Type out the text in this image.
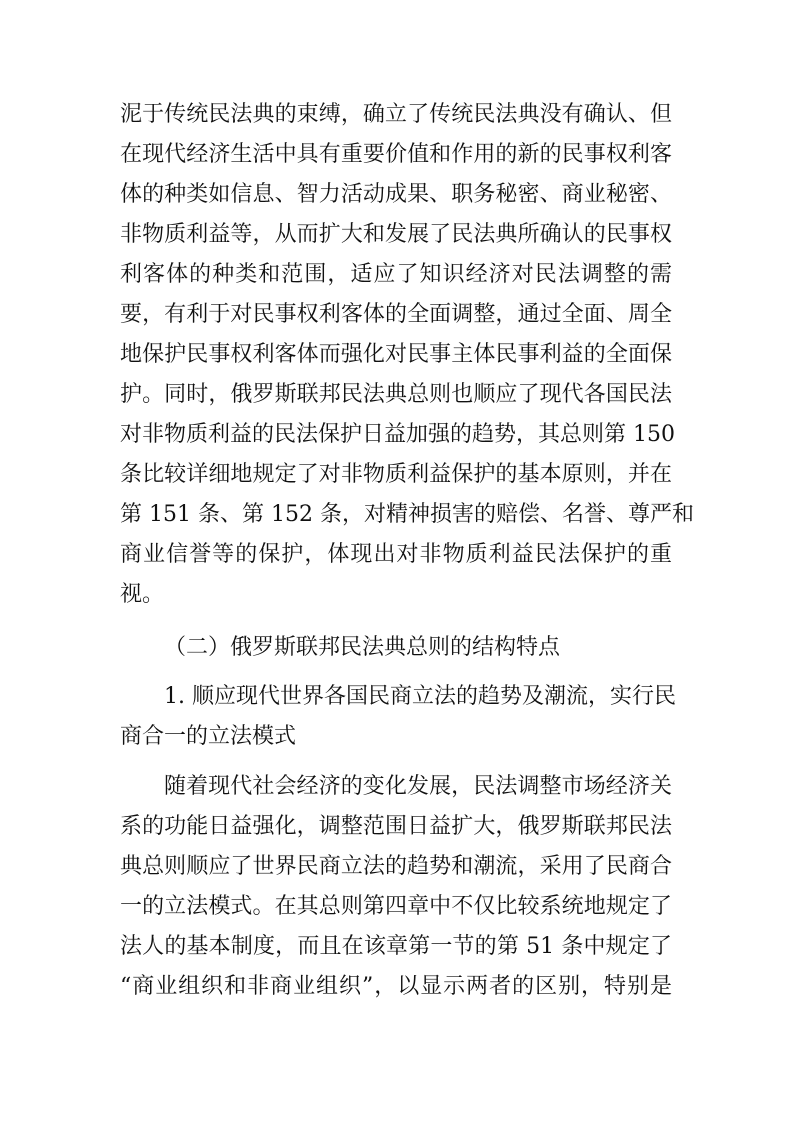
泥于传统民法典的束缚，确立了传统民法典没有确认、但
在现代经济生活中具有重要价值和作用的新的民事权利客
体的种类如信息、智力活动成果、职务秘密、商业秘密、
非物质利益等，从而扩大和发展了民法典所确认的民事权
利客体的种类和范围，适应了知识经济对民法调整的需
要，有利于对民事权利客体的全面调整，通过全面、周全
地保护民事权利客体而强化对民事主体民事利益的全面保
护。同时，俄罗斯联邦民法典总则也顺应了现代各国民法
对非物质利益的民法保护日益加强的趋势，其总则第 150
条比较详细地规定了对非物质利益保护的基本原则，并在
第 151 条、第 152 条，对精神损害的赔偿、名誉、尊严和
商业信誉等的保护，体现出对非物质利益民法保护的重
视。
（二）俄罗斯联邦民法典总则的结构特点
1. 顺应现代世界各国民商立法的趋势及潮流，实行民
商合一的立法模式
随着现代社会经济的变化发展，民法调整市场经济关
系的功能日益强化，调整范围日益扩大，俄罗斯联邦民法
典总则顺应了世界民商立法的趋势和潮流，采用了民商合
一的立法模式。在其总则第四章中不仅比较系统地规定了
法人的基本制度，而且在该章第一节的第 51 条中规定了
“商业组织和非商业组织”，以显示两者的区别，特别是
